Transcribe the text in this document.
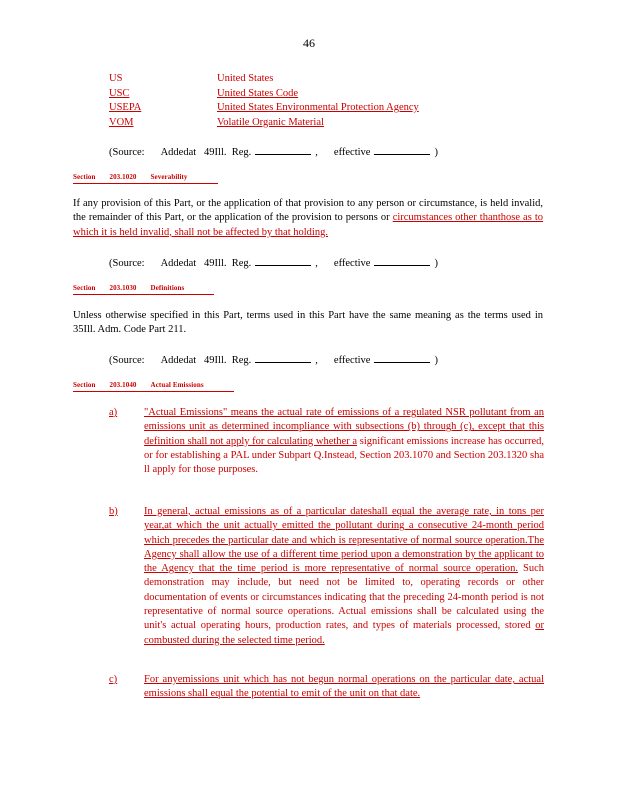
46
US	United States
USC	United States Code
USEPA	United States Environmental Protection Agency
VOM	Volatile Organic Material
(Source: Addedat
49Ill.
Reg.	, effective	)
Section 203.1020 Severability
If any provision of this Part, or the application of that provision to any person or circumstance, is held invalid, the remainder of this Part, or the application of the provision to persons or circumstances other thanthose as to which it is held invalid, shall not be affected by that holding.
(Source: Addedat
49Ill.
Reg.	, effective	)
Section 203.1030 Definitions
Unless otherwise specified in this Part, terms used in this Part have the same meaning as the terms used in 35Ill. Adm. Code Part 211.
(Source: Addedat
49Ill.
Reg.	, effective	)
Section 203.1040 Actual Emissions
a)	"Actual Emissions" means the actual rate of emissions of a regulated NSR pollutant from an emissions unit as determined incompliance with subsections (b) through (c), except that this definition shall not apply for calculating whether a significant emissions increase has occurred, or for establishing a PAL under Subpart Q.Instead, Section 203.1070 and Section 203.1320 sha ll apply for those purposes.
b)	In general, actual emissions as of a particular dateshall equal the average rate, in tons per year,at which the unit actually emitted the pollutant during a consecutive 24-month period which precedes the particular date and which is representative of normal source operation.The Agency shall allow the use of a different time period upon a demonstration by the applicant to the Agency that the time period is more representative of normal source operation. Such demonstration may include, but need not be limited to, operating records or other documentation of events or circumstances indicating that the preceding 24-month period is not representative of normal source operations. Actual emissions shall be calculated using the unit's actual operating hours, production rates, and types of materials processed, stored or combusted during the selected time period.
c)	For anyemissions unit which has not begun normal operations on the particular date, actual emissions shall equal the potential to emit of the unit on that date.
